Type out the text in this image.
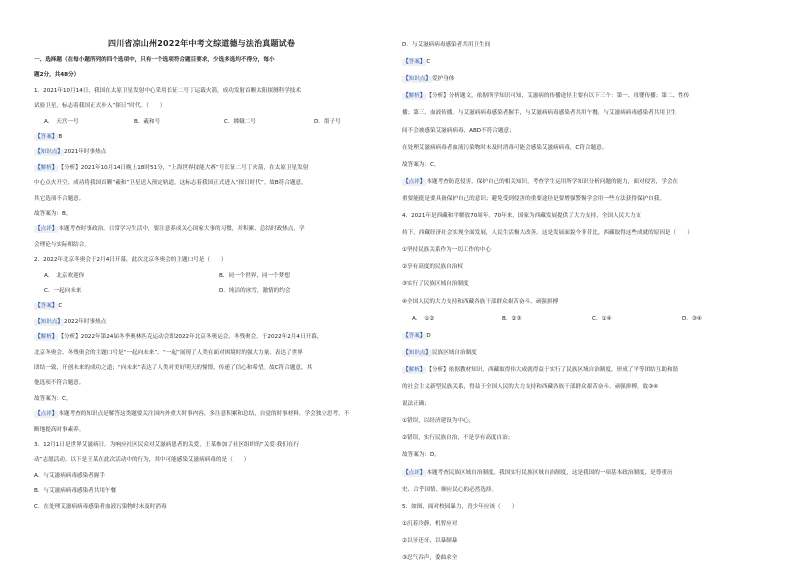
四川省凉山州2022年中考文综道德与法治真题试卷
一、选择题（在每小题所列的四个选项中，只有一个选项符合题目要求，少选多选均不得分，每小
题2分，共48分）
1．2021年10月14日，我国在太原卫星发射中心采用长征二号丁运载火箭，成功发射首颗太阳探测科学技术
试验卫星，标志着我国正式步入“探日”时代。（　　）
A．　天宫一号	B．羲和号	C．嫦娥二号	D．墨子号
【答案】B
【知识点】2021年时事热点
【解析】【分析】2021年10月14日晚上18时51分，“上海世界技能大赛”号长征二号丁火箭，在太原卫星发射
中心点火升空，成功将我国首颗“羲和”卫星送入预定轨道，这标志着我国正式进入“探日时代”。故B符合题意，
其它选项不合题意。
故答案为：B。
【点评】本题考查时事政治。日常学习生活中，要注意养成关心国家大事的习惯，并积累、总结时政热点，学
会理论与实际相结合。
2．2022年北京冬奥会于2月4日开幕，此次北京冬奥会的主题口号是（　　）
A．　北京欢迎你	B．同一个世界，同一个梦想
C．一起向未来	D．纯洁的冰雪，激情的约会
【答案】C
【知识点】2022年时事热点
【解析】【分析】2022年第24届冬季奥林匹克运动会即2022年北京冬奥运会、冬残奥会，于2022年2月4日开幕，
北京冬奥会、冬残奥会的主题口号是“一起向未来”。“一起”展现了人类在面对困境时的强大力量，表达了世界
团结一致、开创未来的成功之道；“向未来”表达了人类对美好明天的憧憬，传递了信心和希望。故C符合题意，其
他选项不符合题意。
故答案为：C。
【点评】本题考查的知识点是解答这类题要关注国内外重大时事内容，多注意积累和总结，自觉的时事材料，学会独立思考，不
断地提高时事素养。
3．12月1日是世界艾滋病日。为响应社区民众对艾滋病患者的关爱，王某参加了社区组织的“关爱·我们在行
动”志愿活动。以下是王某在此次活动中的行为，其中可能感染艾滋病病毒的是（　　）
A．与艾滋病病毒感染者握手
B．与艾滋病病毒感染者共用午餐
C．在处理艾滋病病毒感染者血液污染物时未及时消毒
D．与艾滋病病毒感染者共用卫生间
【答案】C
【知识点】爱护身体
【解析】【分析】分析题文，依据所学知识可知，艾滋病的传播途径主要有以下三个：第一、母婴传播；第二、性传
播；第三、血液传播。与艾滋病病毒感染者握手，与艾滋病病毒感染者共用午餐，与艾滋病病毒感染者共用卫生
间不会被感染艾滋病病毒，ABD不符合题意；
在处理艾滋病病毒者血液污染物时未及时消毒可能会感染艾滋病病毒，C符合题意。
故答案为：C。
【点评】本题考查防范侵害，保护自己的相关知识，考查学生运用所学知识分析问题的能力，面对侵害，学会在
重要能挺是要具备保护自己的意识；避免受到侵害的重要途径是要增强警惕学会用一些方法获得保护自我。
4．2021年是西藏和平解放70周年。70年来，国家为西藏发展提供了大力支持，全国人民大力支
持下，西藏经济社会实现全面发展，人民生活极大改善。这是发展面貌今非昔比。西藏取得这些成就的原因是（　　）
①坚持民族关系作为一切工作的中心
②享有高度的民族自治权
③实行了民族区域自治制度
④全国人民的大力支持和西藏各族干部群众艰苦奋斗、顽强拼搏
A．　①②	B．②③	C．①④	D．③④
【答案】D
【知识点】民族区域自治制度
【解析】【分析】依据教材知识，西藏取得伟大成就得益于实行了民族区域自治制度，形成了平等团结互助和谐
的社会主义新型民族关系，得益于全国人民的大力支持和西藏各族干部群众艰苦奋斗、顽强拼搏，故③④
说法正确；
①错误，以经济建设为中心；
②错误，实行民族自治，不是享有高度自治；
故答案为：D。
【点评】本题考查民族区域自治制度。我国实行民族区域自治制度，这是我国的一项基本政治制度，是尊重历
史、合乎国情、顺应民心的必然选择。
5．如图，面对校园暴力，青少年应该（　　）
①沉着冷静，机智应对
②以牙还牙，以暴制暴
③忍气吞声，委曲求全
